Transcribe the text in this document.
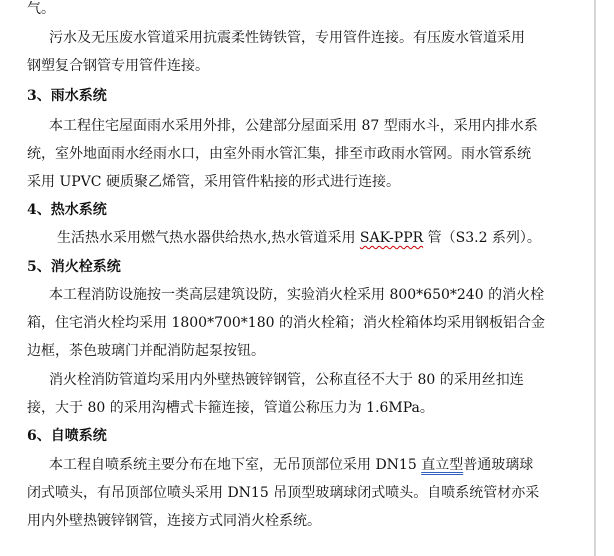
气。
污水及无压废水管道采用抗震柔性铸铁管，专用管件连接。有压废水管道采用
钢塑复合钢管专用管件连接。
3、雨水系统
本工程住宅屋面雨水采用外排，公建部分屋面采用 87 型雨水斗，采用内排水系
统，室外地面雨水经雨水口，由室外雨水管汇集，排至市政雨水管网。雨水管系统
采用 UPVC 硬质聚乙烯管，采用管件粘接的形式进行连接。
4、热水系统
生活热水采用燃气热水器供给热水,热水管道采用 SAK-PPR 管（S3.2 系列）。
5、消火栓系统
本工程消防设施按一类高层建筑设防，实验消火栓采用 800*650*240 的消火栓
箱，住宅消火栓均采用 1800*700*180 的消火栓箱；消火栓箱体均采用钢板铝合金
边框，茶色玻璃门并配消防起泵按钮。
消火栓消防管道均采用内外壁热镀锌钢管，公称直径不大于 80 的采用丝扣连
接，大于 80 的采用沟槽式卡箍连接，管道公称压力为 1.6MPa。
6、自喷系统
本工程自喷系统主要分布在地下室，无吊顶部位采用 DN15 直立型普通玻璃球
闭式喷头，有吊顶部位喷头采用 DN15 吊顶型玻璃球闭式喷头。自喷系统管材亦采
用内外壁热镀锌钢管，连接方式同消火栓系统。
